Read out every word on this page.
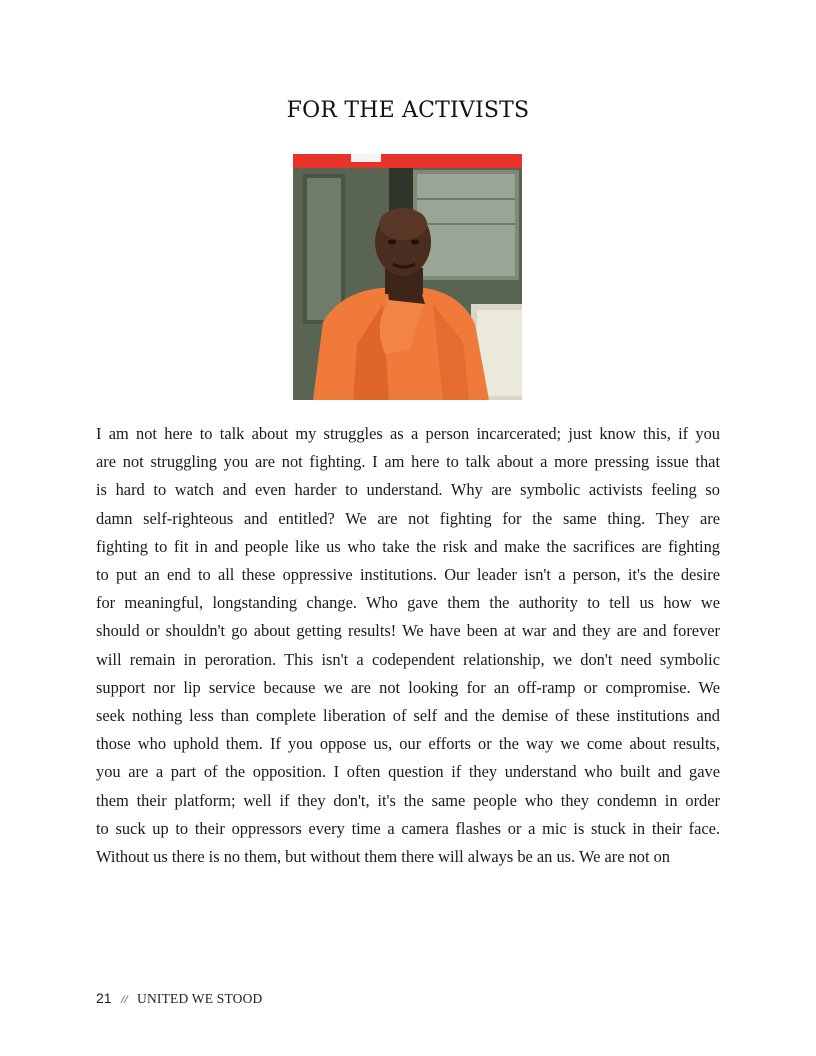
FOR THE ACTIVISTS

I am not here to talk about my struggles as a person incarcerated; just know this, if you
are not struggling you are not fighting. I am here to talk about a more pressing issue that
is hard to watch and even harder to understand. Why are symbolic activists feeling so
damn self-righteous and entitled? We are not fighting for the same thing. They are
fighting to fit in and people like us who take the risk and make the sacrifices are fighting
to put an end to all these oppressive institutions. Our leader isn't a person, it's the desire
for meaningful, longstanding change. Who gave them the authority to tell us how we
should or shouldn't go about getting results! We have been at war and they are and forever
will remain in peroration. This isn't a codependent relationship, we don't need symbolic
support nor lip service because we are not looking for an off-ramp or compromise. We
seek nothing less than complete liberation of self and the demise of these institutions and
those who uphold them. If you oppose us, our efforts or the way we come about results,
you are a part of the opposition. I often question if they understand who built and gave
them their platform; well if they don't, it's the same people who they condemn in order
to suck up to their oppressors every time a camera flashes or a mic is stuck in their face.
Without us there is no them, but without them there will always be an us. We are not on

21 // UNITED WE STOOD
